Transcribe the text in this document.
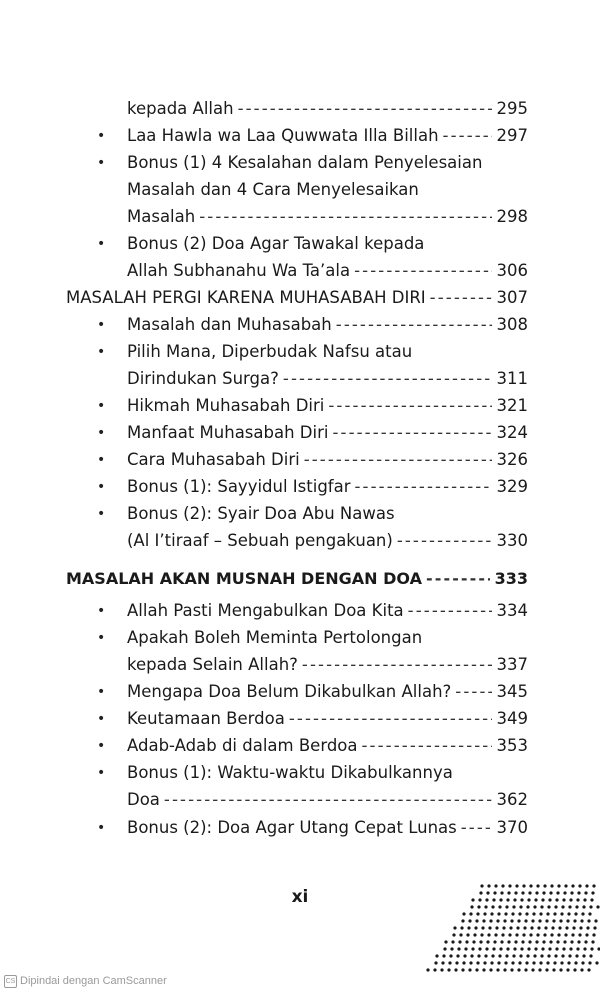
kepada Allah -----	295
• Laa Hawla wa Laa Quwwata Illa Billah -----	297
• Bonus (1) 4 Kesalahan dalam Penyelesaian
Masalah dan 4 Cara Menyelesaikan
Masalah -----	298
• Bonus (2) Doa Agar Tawakal kepada
Allah Subhanahu Wa Ta’ala -----	306
MASALAH PERGI KARENA MUHASABAH DIRI -----	307
• Masalah dan Muhasabah -----	308
• Pilih Mana, Diperbudak Nafsu atau
Dirindukan Surga? -----	311
• Hikmah Muhasabah Diri -----	321
• Manfaat Muhasabah Diri -----	324
• Cara Muhasabah Diri -----	326
• Bonus (1): Sayyidul Istigfar -----	329
• Bonus (2): Syair Doa Abu Nawas
(Al I’tiraaf – Sebuah pengakuan) -----	330
MASALAH AKAN MUSNAH DENGAN DOA -----	333
• Allah Pasti Mengabulkan Doa Kita -----	334
• Apakah Boleh Meminta Pertolongan
kepada Selain Allah? -----	337
• Mengapa Doa Belum Dikabulkan Allah? -----	345
• Keutamaan Berdoa -----	349
• Adab-Adab di dalam Berdoa -----	353
• Bonus (1): Waktu-waktu Dikabulkannya
Doa -----	362
• Bonus (2): Doa Agar Utang Cepat Lunas ----- 370
xi
CS Dipindai dengan CamScanner
